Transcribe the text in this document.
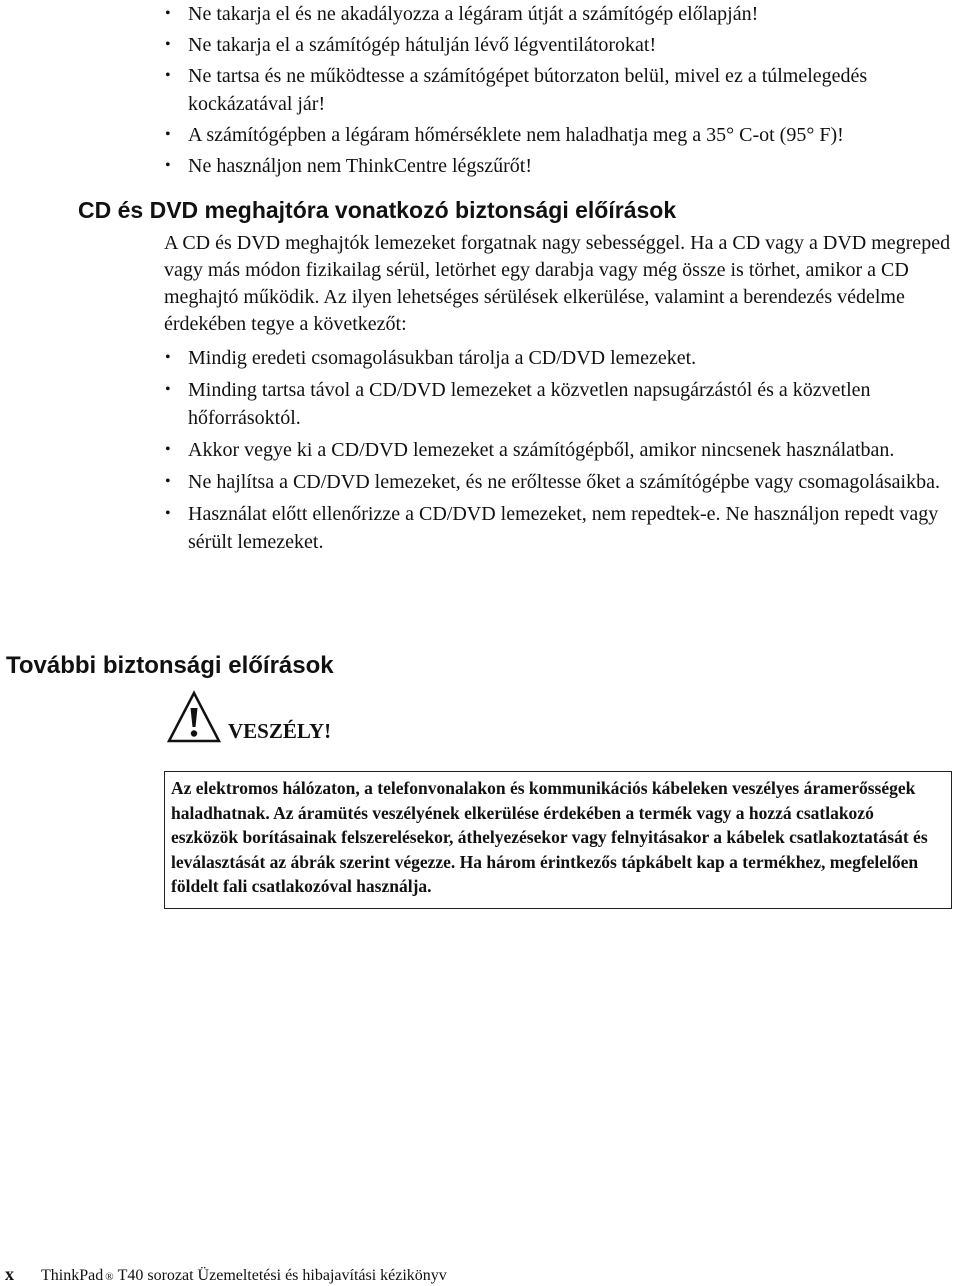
• Ne takarja el és ne akadályozza a légáram útját a számítógép előlapján!
• Ne takarja el a számítógép hátulján lévő légventilátorokat!
• Ne tartsa és ne működtesse a számítógépet bútorzaton belül, mivel ez a túlmelegedés kockázatával jár!
• A számítógépben a légáram hőmérséklete nem haladhatja meg a 35° C-ot (95° F)!
• Ne használjon nem ThinkCentre légszűrőt!
CD és DVD meghajtóra vonatkozó biztonsági előírások

A CD és DVD meghajtók lemezeket forgatnak nagy sebességgel. Ha a CD vagy a DVD megreped vagy más módon fizikailag sérül, letörhet egy darabja vagy még össze is törhet, amikor a CD meghajtó működik. Az ilyen lehetséges sérülések elkerülése, valamint a berendezés védelme érdekében tegye a következőt:

• Mindig eredeti csomagolásukban tárolja a CD/DVD lemezeket.
• Minding tartsa távol a CD/DVD lemezeket a közvetlen napsugárzástól és a közvetlen hőforrásoktól.
• Akkor vegye ki a CD/DVD lemezeket a számítógépből, amikor nincsenek használatban.
• Ne hajlítsa a CD/DVD lemezeket, és ne erőltesse őket a számítógépbe vagy csomagolásaikba.
• Használat előtt ellenőrizze a CD/DVD lemezeket, nem repedtek-e. Ne használjon repedt vagy sérült lemezeket.
További biztonsági előírások
VESZÉLY!

Az elektromos hálózaton, a telefonvonalakon és kommunikációs kábeleken veszélyes áramerősségek haladhatnak. Az áramütés veszélyének elkerülése érdekében a termék vagy a hozzá csatlakozó eszközök borításainak felszerelésekor, áthelyezésekor vagy felnyitásakor a kábelek csatlakoztatását és leválasztását az ábrák szerint végezze. Ha három érintkezős tápkábelt kap a termékhez, megfelelően földelt fali csatlakozóval használja.

x	ThinkPad ® T40 sorozat Üzemeltetési és hibajavítási kézikönyv
